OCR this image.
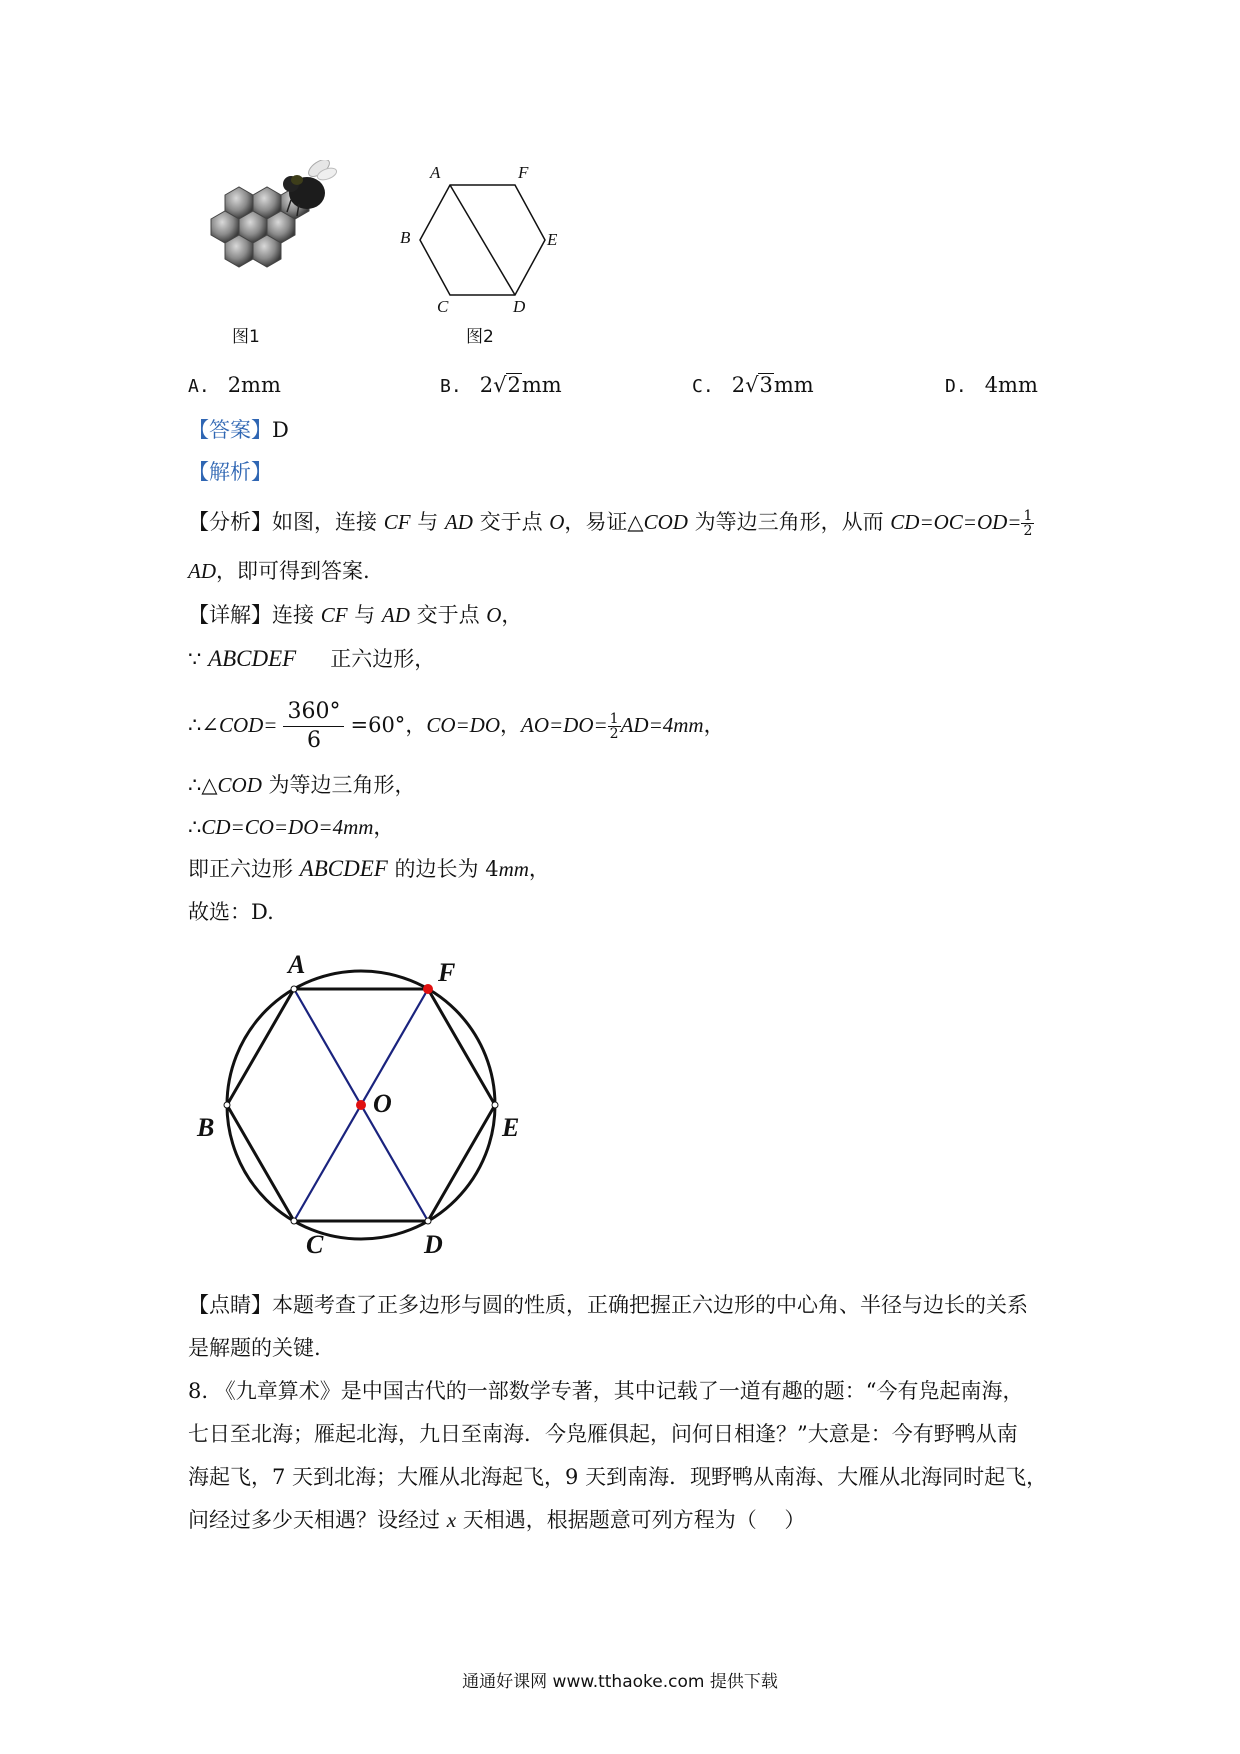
图1
A	F
B	E
C	D
图2
A. 2mm	B. 2√2mm	C. 2√3mm	D. 4mm
【答案】D
【解析】
【分析】如图，连接 CF 与 AD 交于点 O，易证△COD 为等边三角形，从而 $CD=OC=OD= \frac{1}{2}$
AD，即可得到答案.
【详解】连接 CF 与 AD 交于点 O，
∵ ABCDEF 正六边形，
∴∠COD= $\frac{360^\circ}{6} =60^\circ$，CO=DO，$AO=DO= \frac{1}{2} AD=4mm$，
∴△COD 为等边三角形，
∴CD=CO=DO=4mm，
即正六边形 ABCDEF 的边长为 4mm，
故选：D.
A	F
B
O
E
C	D
【点睛】本题考查了正多边形与圆的性质，正确把握正六边形的中心角、半径与边长的关系
是解题的关键.
8. 《九章算术》是中国古代的一部数学专著，其中记载了一道有趣的题：“今有凫起南海，
七日至北海；雁起北海，九日至南海．今凫雁俱起，问何日相逢？”大意是：今有野鸭从南
海起飞，7 天到北海；大雁从北海起飞，9 天到南海．现野鸭从南海、大雁从北海同时起飞，
问经过多少天相遇？设经过 x 天相遇，根据题意可列方程为（　 ）
通通好课网 www.tthaoke.com 提供下载
